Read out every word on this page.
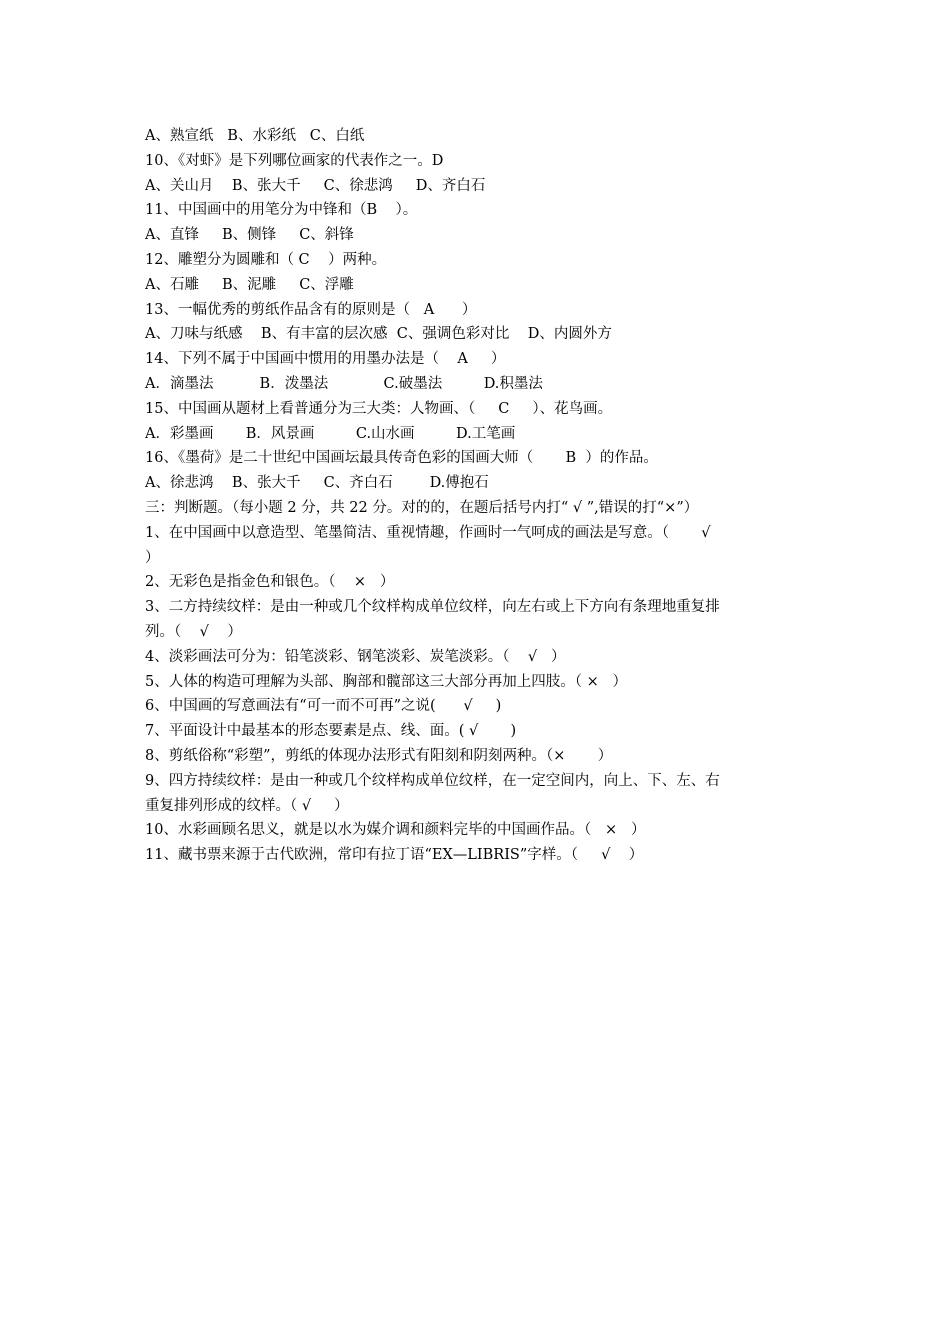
A、熟宣纸   B、水彩纸   C、白纸
10、《对虾》是下列哪位画家的代表作之一。D
A、关山月    B、张大千     C、徐悲鸿     D、齐白石
11、中国画中的用笔分为中锋和（B    ）。
A、直锋     B、侧锋     C、斜锋
12、雕塑分为圆雕和（ C    ）两种。
A、石雕     B、泥雕     C、浮雕
13、一幅优秀的剪纸作品含有的原则是（   A      ）
A、刀味与纸感    B、有丰富的层次感  C、强调色彩对比    D、内圆外方
14、下列不属于中国画中惯用的用墨办法是（    A     ）
A．滴墨法          B．泼墨法            C.破墨法         D.积墨法
15、中国画从题材上看普通分为三大类：人物画、（     C     ）、花鸟画。
A．彩墨画       B．风景画         C.山水画         D.工笔画
16、《墨荷》是二十世纪中国画坛最具传奇色彩的国画大师（       B  ）的作品。
A、徐悲鸿    B、张大千     C、齐白石        D.傅抱石
三：判断题。（每小题 2 分，共 22 分。对的的，在题后括号内打“ √ ”,错误的打“×”）
1、在中国画中以意造型、笔墨简洁、重视情趣，作画时一气呵成的画法是写意。（       √
）
2、无彩色是指金色和银色。（    ×   ）
3、二方持续纹样：是由一种或几个纹样构成单位纹样，向左右或上下方向有条理地重复排
列。（    √    ）
4、淡彩画法可分为：铅笔淡彩、钢笔淡彩、炭笔淡彩。（    √   ）
5、人体的构造可理解为头部、胸部和髋部这三大部分再加上四肢。（ ×   ）
6、中国画的写意画法有“可一而不可再”之说(      √     )
7、平面设计中最基本的形态要素是点、线、面。( √       )
8、剪纸俗称“彩塑”，剪纸的体现办法形式有阳刻和阴刻两种。（×       ）
9、四方持续纹样：是由一种或几个纹样构成单位纹样，在一定空间内，向上、下、左、右
重复排列形成的纹样。（ √     ）
10、水彩画顾名思义，就是以水为媒介调和颜料完毕的中国画作品。（   ×   ）
11、藏书票来源于古代欧洲，常印有拉丁语“EX—LIBRIS”字样。（     √    ）
